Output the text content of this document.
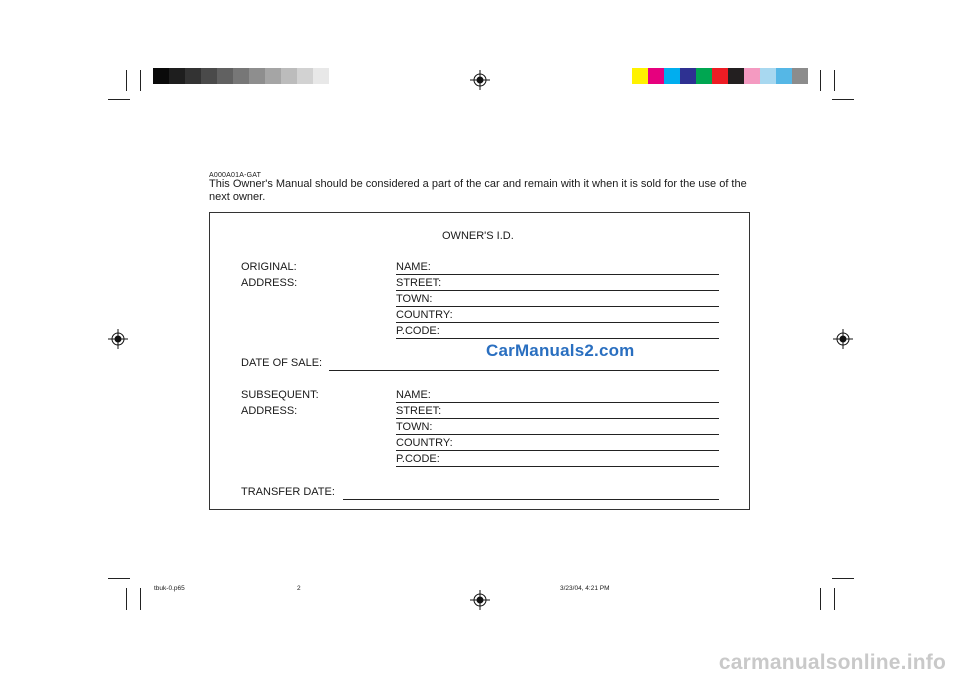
A000A01A-GAT
This Owner's Manual should be considered a part of the car and remain with it when it is sold for the use of the next owner.
OWNER'S I.D.
ORIGINAL:
ADDRESS:
NAME:
STREET:
TOWN:
COUNTRY:
P.CODE:
DATE OF SALE:
SUBSEQUENT:
ADDRESS:
NAME:
STREET:
TOWN:
COUNTRY:
P.CODE:
TRANSFER DATE:
CarManuals2.com
tbuk-0.p65	2	3/23/04, 4:21 PM
carmanualsonline.info
